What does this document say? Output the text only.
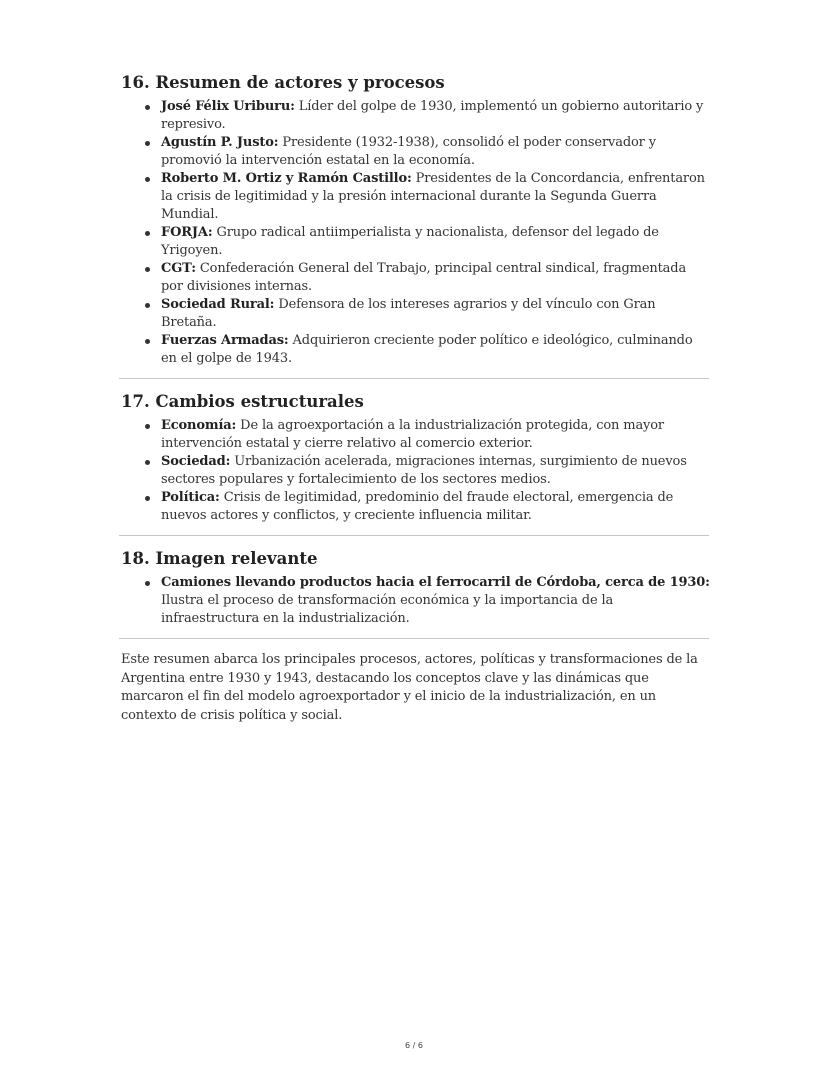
16. Resumen de actores y procesos
José Félix Uriburu: Líder del golpe de 1930, implementó un gobierno autoritario y represivo.
Agustín P. Justo: Presidente (1932-1938), consolidó el poder conservador y promovió la intervención estatal en la economía.
Roberto M. Ortiz y Ramón Castillo: Presidentes de la Concordancia, enfrentaron la crisis de legitimidad y la presión internacional durante la Segunda Guerra Mundial.
FORJA: Grupo radical antiimperialista y nacionalista, defensor del legado de Yrigoyen.
CGT: Confederación General del Trabajo, principal central sindical, fragmentada por divisiones internas.
Sociedad Rural: Defensora de los intereses agrarios y del vínculo con Gran Bretaña.
Fuerzas Armadas: Adquirieron creciente poder político e ideológico, culminando en el golpe de 1943.
17. Cambios estructurales
Economía: De la agroexportación a la industrialización protegida, con mayor intervención estatal y cierre relativo al comercio exterior.
Sociedad: Urbanización acelerada, migraciones internas, surgimiento de nuevos sectores populares y fortalecimiento de los sectores medios.
Política: Crisis de legitimidad, predominio del fraude electoral, emergencia de nuevos actores y conflictos, y creciente influencia militar.
18. Imagen relevante
Camiones llevando productos hacia el ferrocarril de Córdoba, cerca de 1930: Ilustra el proceso de transformación económica y la importancia de la infraestructura en la industrialización.

Este resumen abarca los principales procesos, actores, políticas y transformaciones de la Argentina entre 1930 y 1943, destacando los conceptos clave y las dinámicas que marcaron el fin del modelo agroexportador y el inicio de la industrialización, en un contexto de crisis política y social.

6 / 6
